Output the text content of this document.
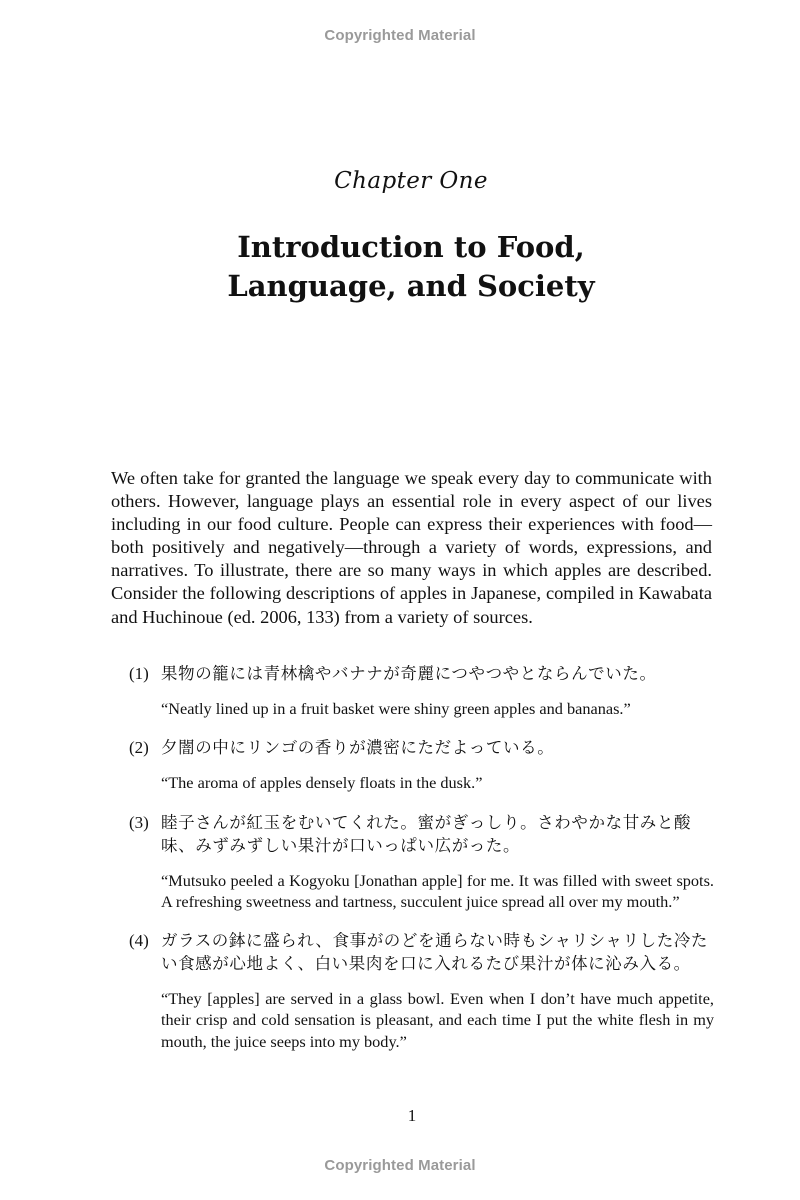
Copyrighted Material
Chapter One
Introduction to Food,
Language, and Society

We often take for granted the language we speak every day to communicate with others. However, language plays an essential role in every aspect of our lives including in our food culture. People can express their experiences with food—both positively and negatively—through a variety of words, expressions, and narratives. To illustrate, there are so many ways in which apples are described. Consider the following descriptions of apples in Japanese, compiled in Kawabata and Huchinoue (ed. 2006, 133) from a variety of sources.

(1) 果物の籠には青林檎やバナナが奇麗につやつやとならんでいた。
“Neatly lined up in a fruit basket were shiny green apples and bananas.”
(2) 夕闇の中にリンゴの香りが濃密にただよっている。
“The aroma of apples densely floats in the dusk.”
(3) 睦子さんが紅玉をむいてくれた。蜜がぎっしり。さわやかな甘みと酸味、みずみずしい果汁が口いっぱい広がった。
“Mutsuko peeled a Kogyoku [Jonathan apple] for me. It was filled with sweet spots. A refreshing sweetness and tartness, succulent juice spread all over my mouth.”
(4) ガラスの鉢に盛られ、食事がのどを通らない時もシャリシャリした冷たい食感が心地よく、白い果肉を口に入れるたび果汁が体に沁み入る。
“They [apples] are served in a glass bowl. Even when I don’t have much appetite, their crisp and cold sensation is pleasant, and each time I put the white flesh in my mouth, the juice seeps into my body.”
1
Copyrighted Material
